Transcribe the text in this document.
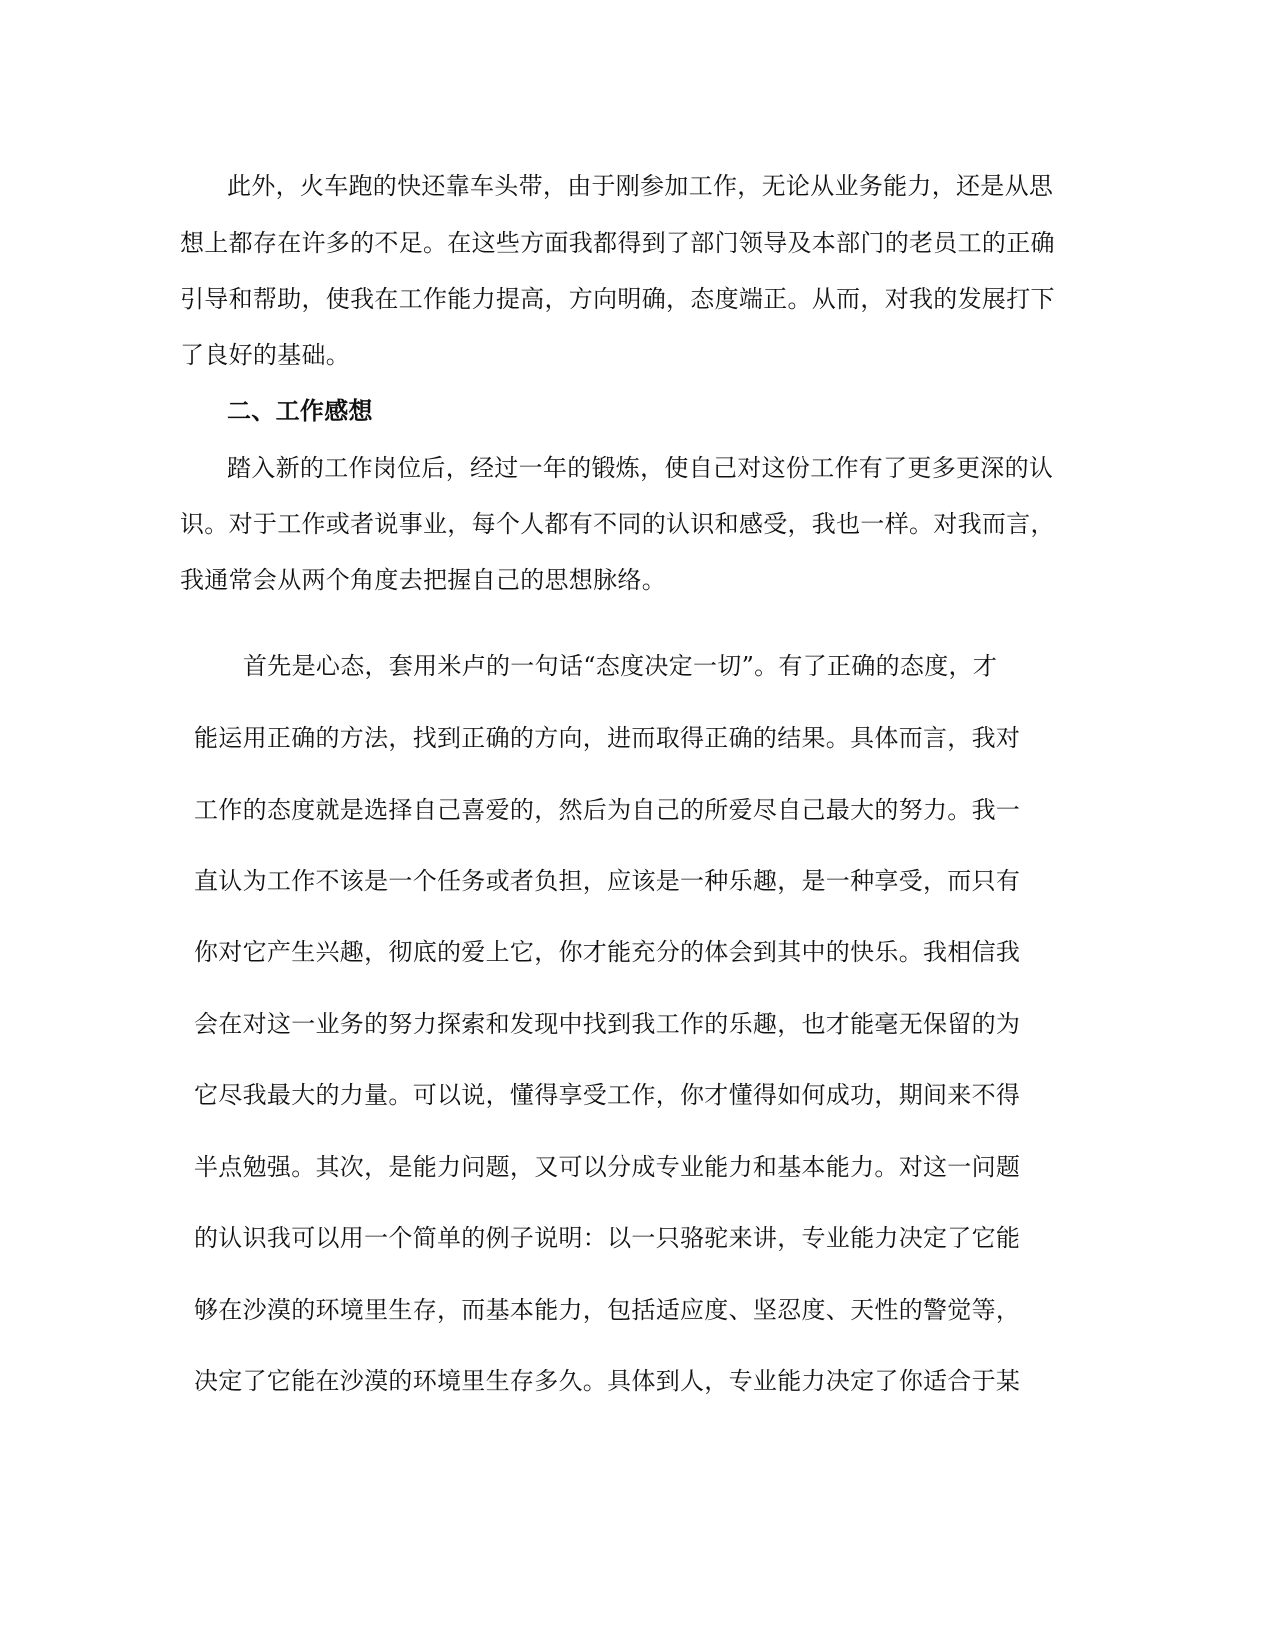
此外，火车跑的快还靠车头带，由于刚参加工作，无论从业务能力，还是从思
想上都存在许多的不足。在这些方面我都得到了部门领导及本部门的老员工的正确
引导和帮助，使我在工作能力提高，方向明确，态度端正。从而，对我的发展打下
了良好的基础。
二、工作感想
踏入新的工作岗位后，经过一年的锻炼，使自己对这份工作有了更多更深的认
识。对于工作或者说事业，每个人都有不同的认识和感受，我也一样。对我而言，
我通常会从两个角度去把握自己的思想脉络。
首先是心态，套用米卢的一句话“态度决定一切”。有了正确的态度，才
能运用正确的方法，找到正确的方向，进而取得正确的结果。具体而言，我对
工作的态度就是选择自己喜爱的，然后为自己的所爱尽自己最大的努力。我一
直认为工作不该是一个任务或者负担，应该是一种乐趣，是一种享受，而只有
你对它产生兴趣，彻底的爱上它，你才能充分的体会到其中的快乐。我相信我
会在对这一业务的努力探索和发现中找到我工作的乐趣，也才能毫无保留的为
它尽我最大的力量。可以说，懂得享受工作，你才懂得如何成功，期间来不得
半点勉强。其次，是能力问题，又可以分成专业能力和基本能力。对这一问题
的认识我可以用一个简单的例子说明：以一只骆驼来讲，专业能力决定了它能
够在沙漠的环境里生存，而基本能力，包括适应度、坚忍度、天性的警觉等，
决定了它能在沙漠的环境里生存多久。具体到人，专业能力决定了你适合于某
